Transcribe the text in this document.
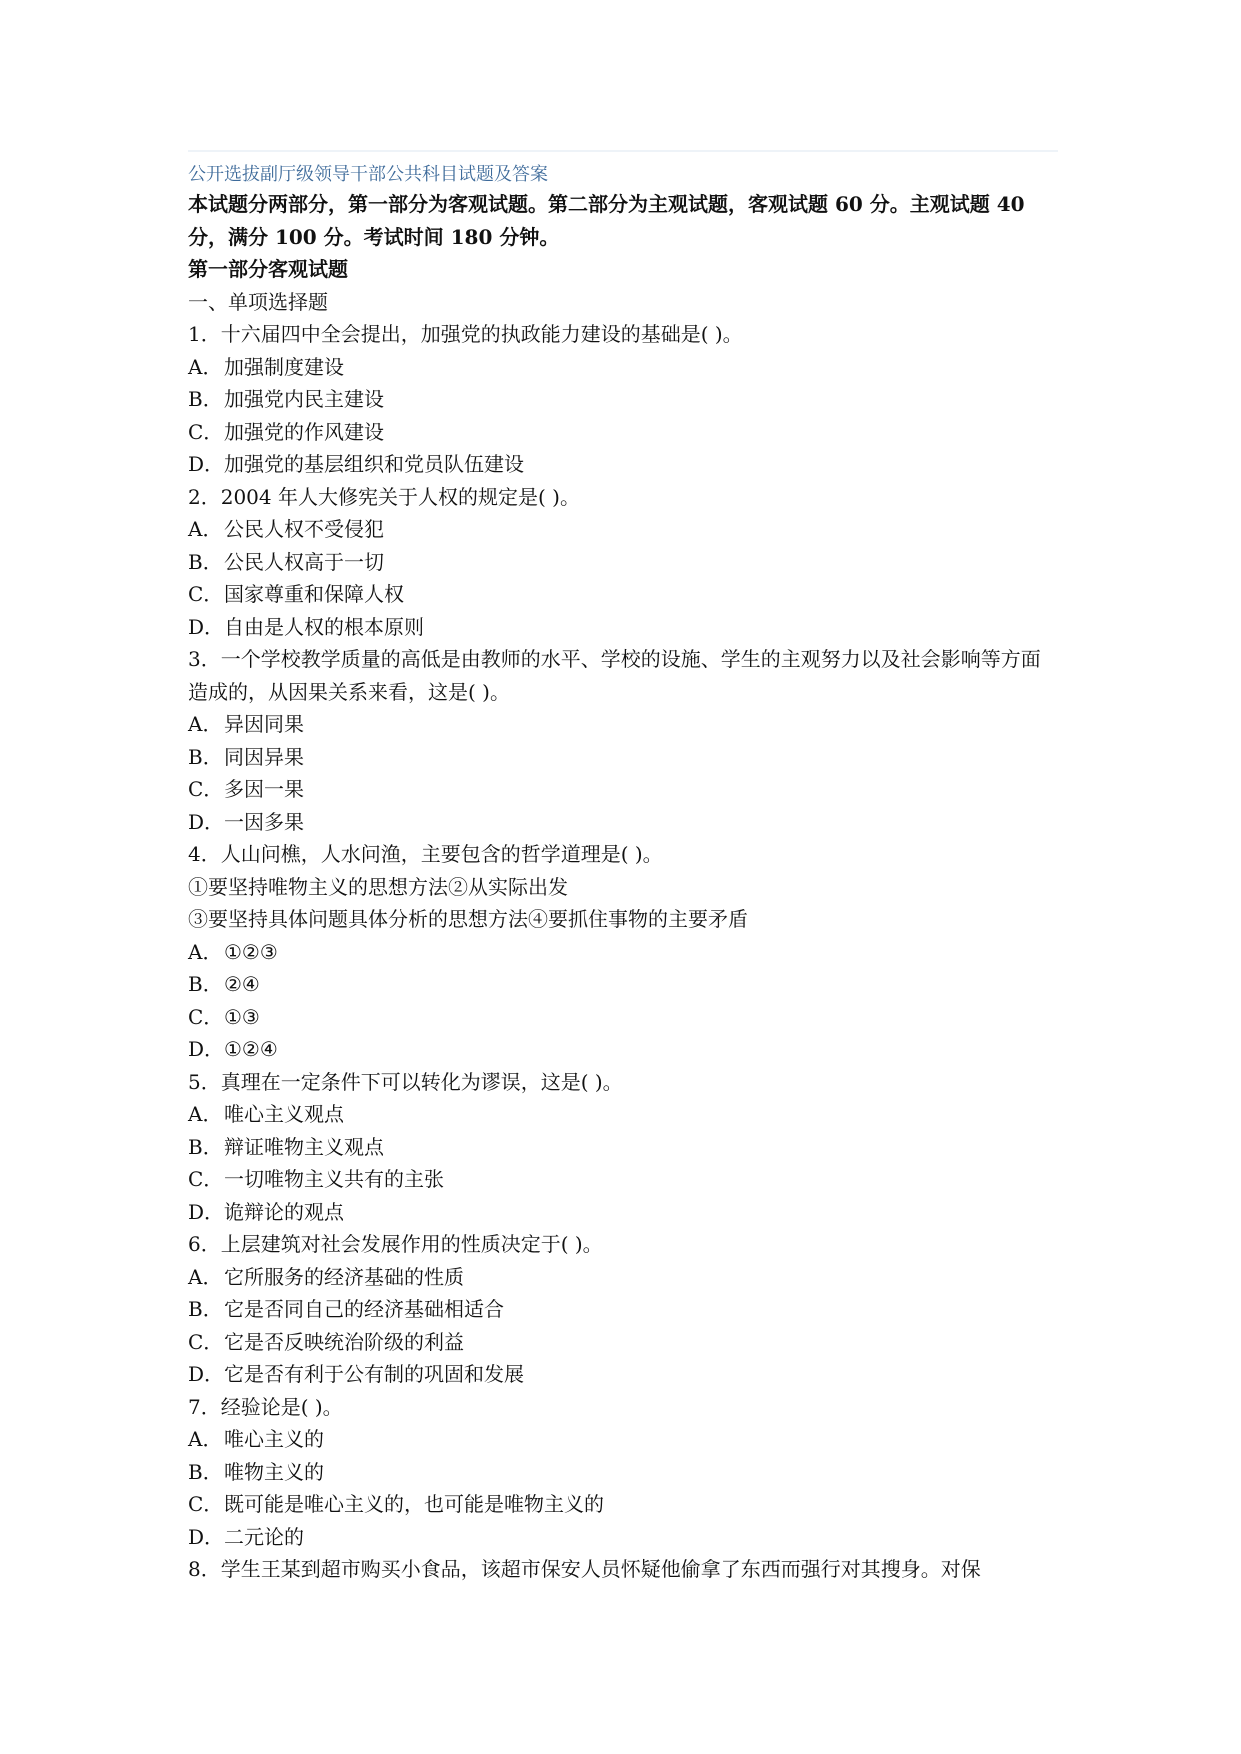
公开选拔副厅级领导干部公共科目试题及答案

本试题分两部分，第一部分为客观试题。第二部分为主观试题，客观试题 60 分。主观试题 40 分，满分 100 分。考试时间 180 分钟。

第一部分客观试题
一、单项选择题
1．十六届四中全会提出，加强党的执政能力建设的基础是( )。
A．加强制度建设
B．加强党内民主建设
C．加强党的作风建设
D．加强党的基层组织和党员队伍建设
2．2004 年人大修宪关于人权的规定是( )。
A．公民人权不受侵犯
B．公民人权高于一切
C．国家尊重和保障人权
D．自由是人权的根本原则
3．一个学校教学质量的高低是由教师的水平、学校的设施、学生的主观努力以及社会影响等方面造成的，从因果关系来看，这是( )。
A．异因同果
B．同因异果
C．多因一果
D．一因多果
4．人山问樵，人水问渔，主要包含的哲学道理是( )。
①要坚持唯物主义的思想方法②从实际出发
③要坚持具体问题具体分析的思想方法④要抓住事物的主要矛盾
A．①②③
B．②④
C．①③
D．①②④
5．真理在一定条件下可以转化为谬误，这是( )。
A．唯心主义观点
B．辩证唯物主义观点
C．一切唯物主义共有的主张
D．诡辩论的观点
6．上层建筑对社会发展作用的性质决定于( )。
A．它所服务的经济基础的性质
B．它是否同自己的经济基础相适合
C．它是否反映统治阶级的利益
D．它是否有利于公有制的巩固和发展
7．经验论是( )。
A．唯心主义的
B．唯物主义的
C．既可能是唯心主义的，也可能是唯物主义的
D．二元论的
8．学生王某到超市购买小食品，该超市保安人员怀疑他偷拿了东西而强行对其搜身。对保
